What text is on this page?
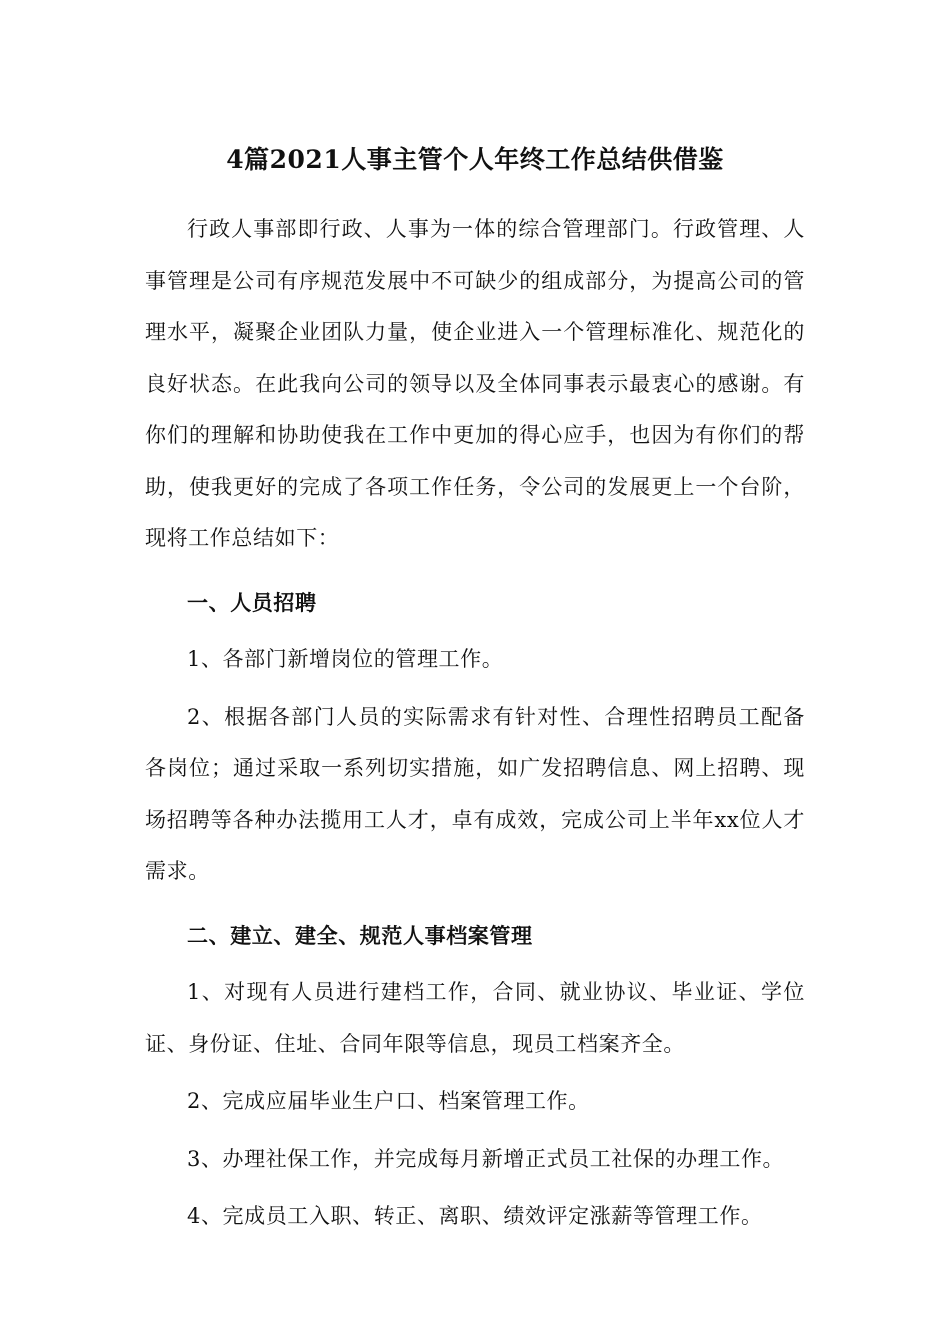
4篇2021人事主管个人年终工作总结供借鉴

行政人事部即行政、人事为一体的综合管理部门。行政管理、人事管理是公司有序规范发展中不可缺少的组成部分，为提高公司的管理水平，凝聚企业团队力量，使企业进入一个管理标准化、规范化的良好状态。在此我向公司的领导以及全体同事表示最衷心的感谢。有你们的理解和协助使我在工作中更加的得心应手，也因为有你们的帮助，使我更好的完成了各项工作任务，令公司的发展更上一个台阶，现将工作总结如下：

一、人员招聘

1、各部门新增岗位的管理工作。

2、根据各部门人员的实际需求有针对性、合理性招聘员工配备各岗位；通过采取一系列切实措施，如广发招聘信息、网上招聘、现场招聘等各种办法揽用工人才，卓有成效，完成公司上半年xx位人才需求。

二、建立、建全、规范人事档案管理

1、对现有人员进行建档工作，合同、就业协议、毕业证、学位证、身份证、住址、合同年限等信息，现员工档案齐全。

2、完成应届毕业生户口、档案管理工作。

3、办理社保工作，并完成每月新增正式员工社保的办理工作。

4、完成员工入职、转正、离职、绩效评定涨薪等管理工作。
